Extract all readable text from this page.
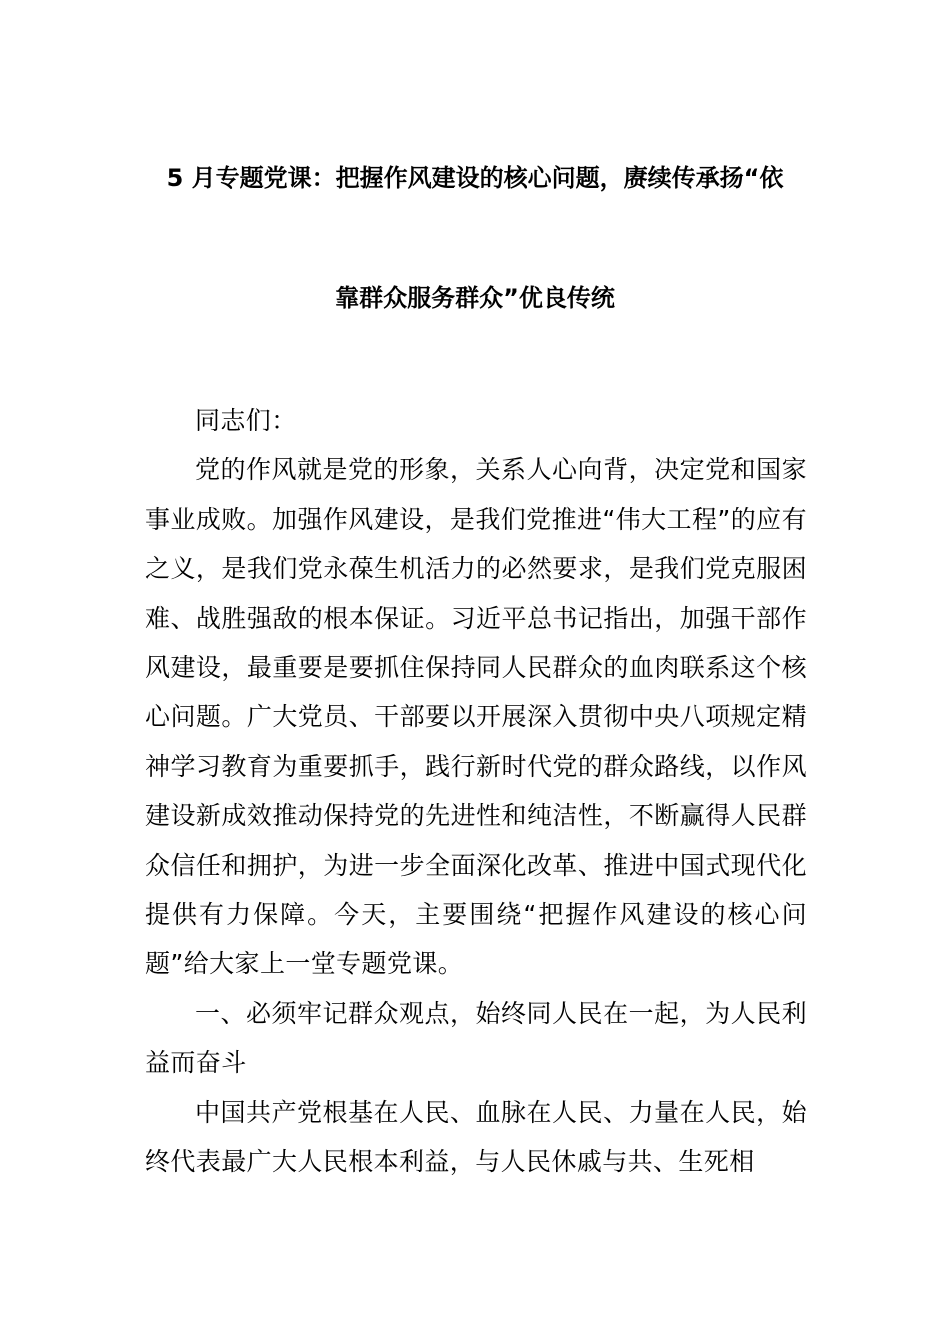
5 月专题党课：把握作风建设的核心问题，赓续传承扬“依
靠群众服务群众”优良传统

同志们：

党的作风就是党的形象，关系人心向背，决定党和国家事业成败。加强作风建设，是我们党推进“伟大工程”的应有之义，是我们党永葆生机活力的必然要求，是我们党克服困难、战胜强敌的根本保证。习近平总书记指出，加强干部作风建设，最重要是要抓住保持同人民群众的血肉联系这个核心问题。广大党员、干部要以开展深入贯彻中央八项规定精神学习教育为重要抓手，践行新时代党的群众路线，以作风建设新成效推动保持党的先进性和纯洁性，不断赢得人民群众信任和拥护，为进一步全面深化改革、推进中国式现代化提供有力保障。今天，主要围绕“把握作风建设的核心问题”给大家上一堂专题党课。

一、必须牢记群众观点，始终同人民在一起，为人民利益而奋斗

中国共产党根基在人民、血脉在人民、力量在人民，始终代表最广大人民根本利益，与人民休戚与共、生死相
